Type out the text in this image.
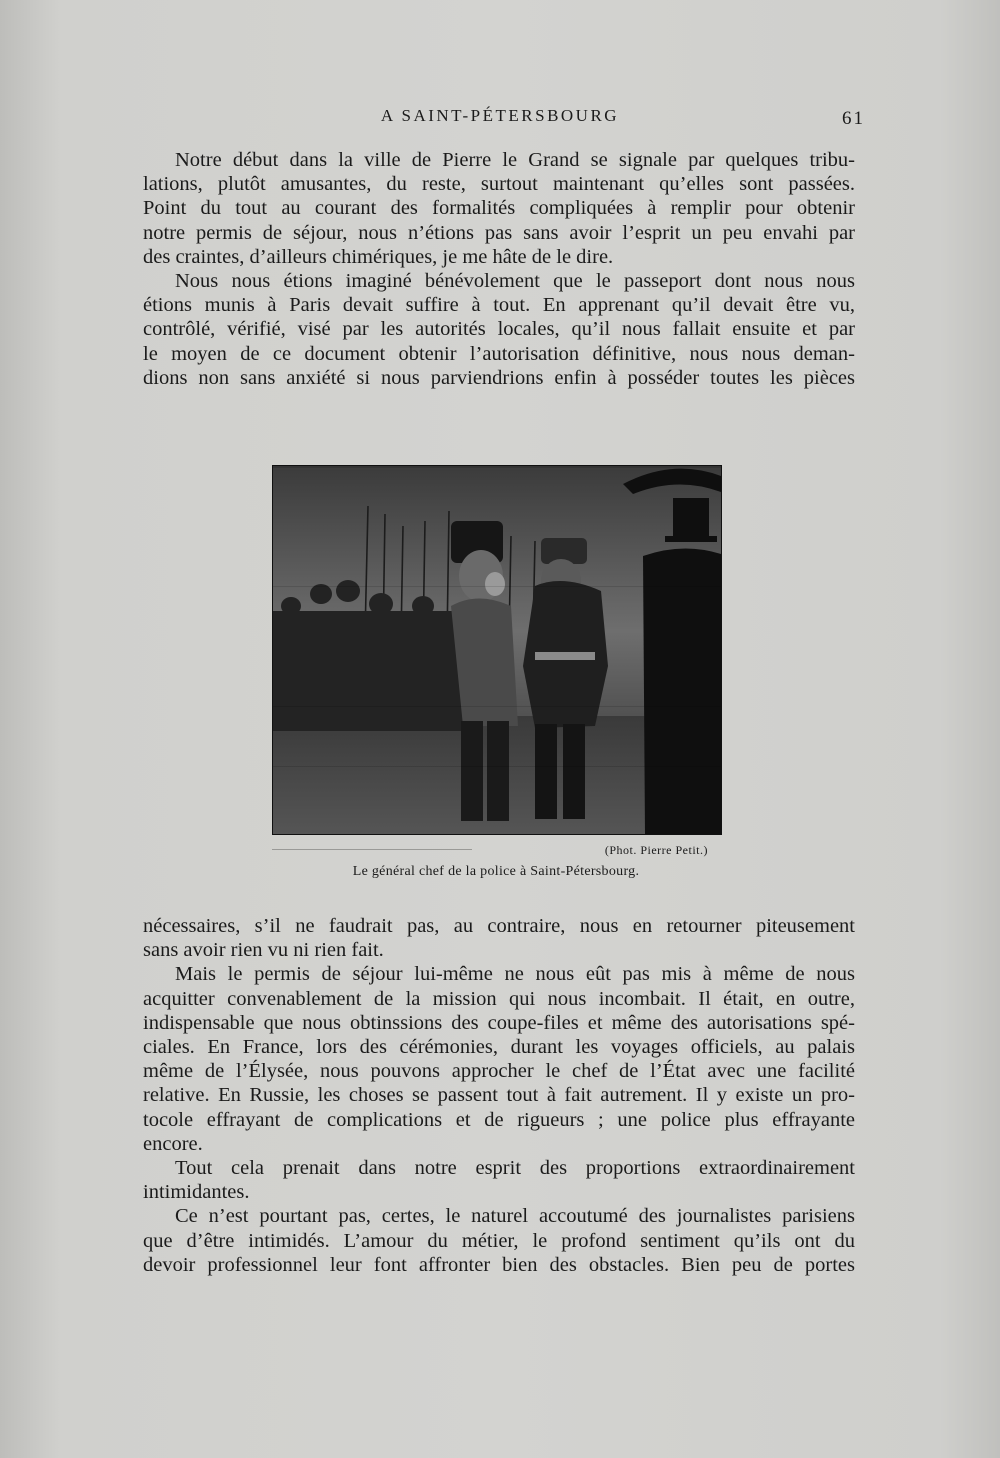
A SAINT-PÉTERSBOURG	61

Notre début dans la ville de Pierre le Grand se signale par quelques tribu-

lations, plutôt amusantes, du reste, surtout maintenant qu’elles sont passées.

Point du tout au courant des formalités compliquées à remplir pour obtenir

notre permis de séjour, nous n’étions pas sans avoir l’esprit un peu envahi par

des craintes, d’ailleurs chimériques, je me hâte de le dire.

Nous nous étions imaginé bénévolement que le passeport dont nous nous

étions munis à Paris devait suffire à tout. En apprenant qu’il devait être vu,

contrôlé, vérifié, visé par les autorités locales, qu’il nous fallait ensuite et par

le moyen de ce document obtenir l’autorisation définitive, nous nous deman-

dions non sans anxiété si nous parviendrions enfin à posséder toutes les pièces

(Phot. Pierre Petit.)
Le général chef de la police à Saint-Pétersbourg.

nécessaires, s’il ne faudrait pas, au contraire, nous en retourner piteusement

sans avoir rien vu ni rien fait.

Mais le permis de séjour lui-même ne nous eût pas mis à même de nous

acquitter convenablement de la mission qui nous incombait. Il était, en outre,

indispensable que nous obtinssions des coupe-files et même des autorisations spé-

ciales. En France, lors des cérémonies, durant les voyages officiels, au palais

même de l’Élysée, nous pouvons approcher le chef de l’État avec une facilité

relative. En Russie, les choses se passent tout à fait autrement. Il y existe un pro-

tocole effrayant de complications et de rigueurs ; une police plus effrayante

encore.

Tout cela prenait dans notre esprit des proportions extraordinairement

intimidantes.

Ce n’est pourtant pas, certes, le naturel accoutumé des journalistes parisiens

que d’être intimidés. L’amour du métier, le profond sentiment qu’ils ont du

devoir professionnel leur font affronter bien des obstacles. Bien peu de portes
